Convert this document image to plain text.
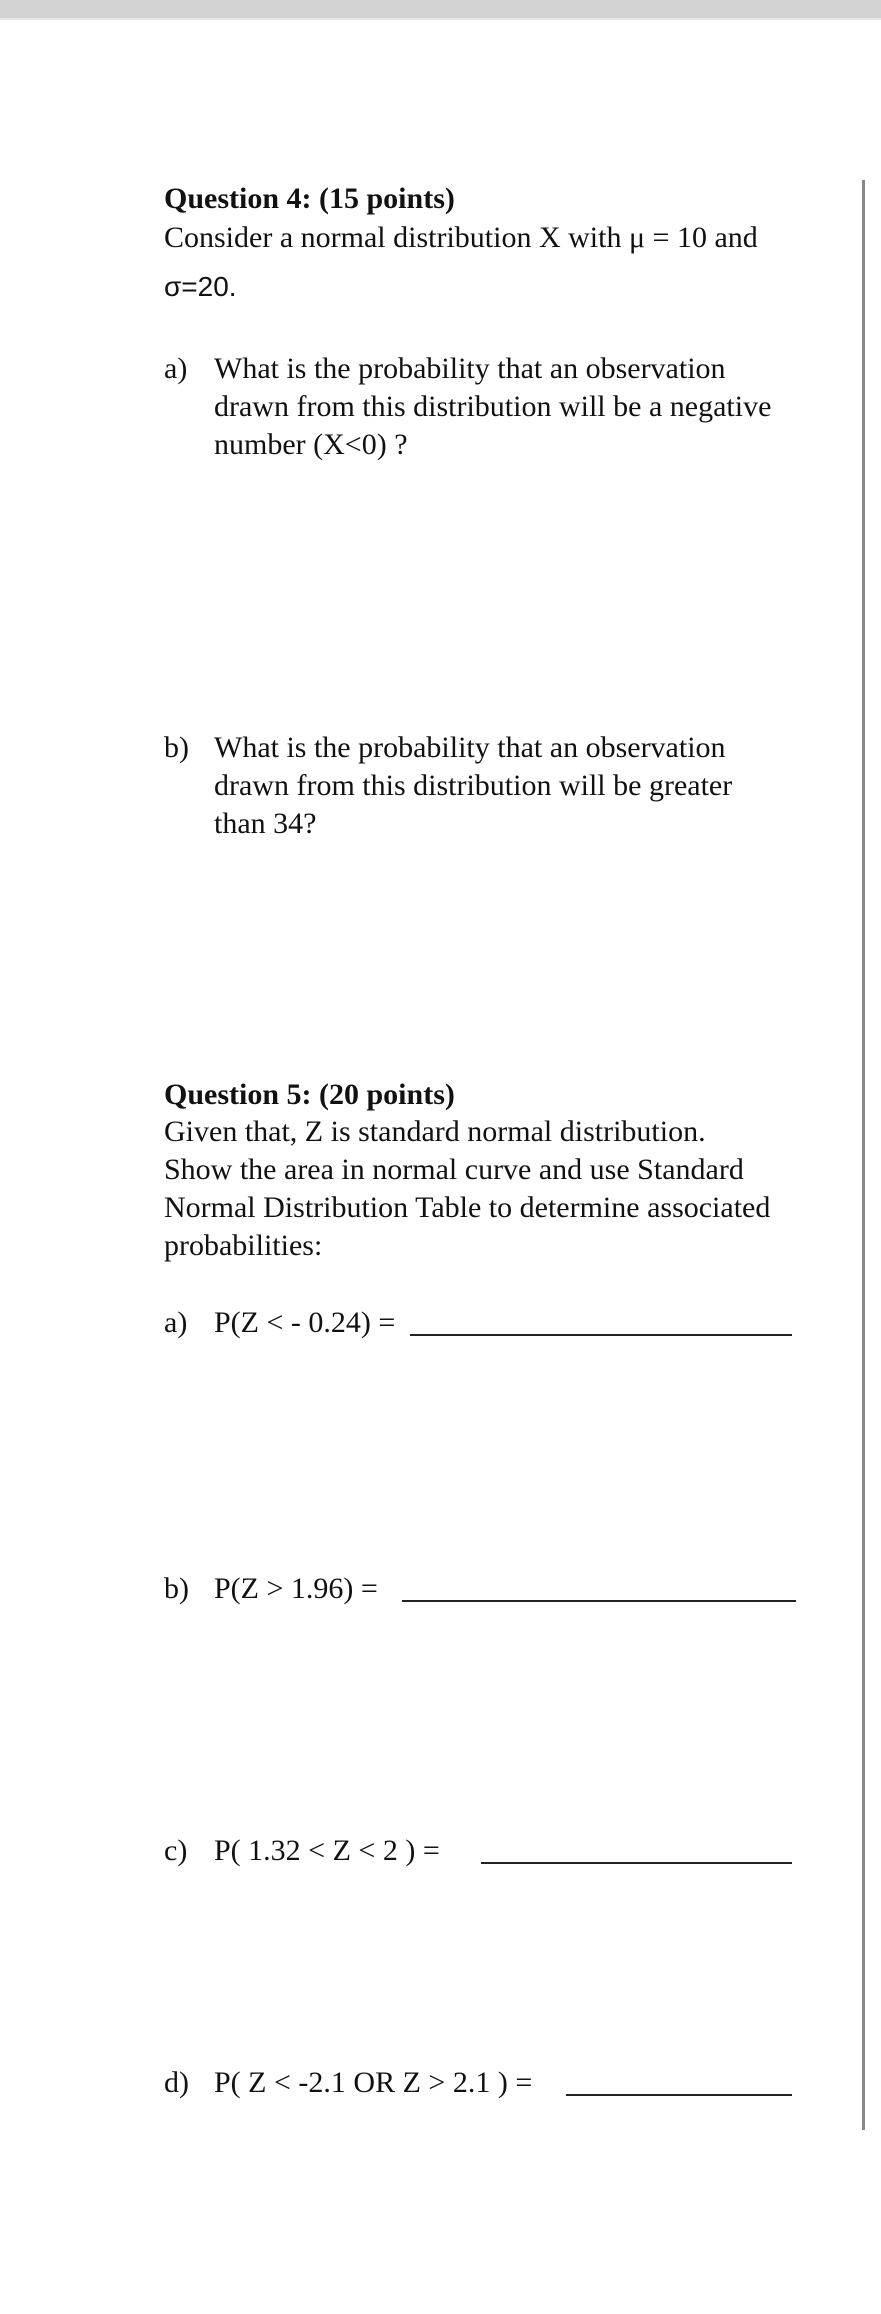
Question 4: (15 points)
Consider a normal distribution X with μ = 10 and
σ=20.
a) What is the probability that an observation
drawn from this distribution will be a negative
number (X<0) ?
b) What is the probability that an observation
drawn from this distribution will be greater
than 34?
Question 5: (20 points)
Given that, Z is standard normal distribution.
Show the area in normal curve and use Standard
Normal Distribution Table to determine associated
probabilities:
a) P(Z < - 0.24) =
b) P(Z > 1.96) =
c) P( 1.32 < Z < 2 ) =
d) P( Z < -2.1 OR Z > 2.1 ) =
